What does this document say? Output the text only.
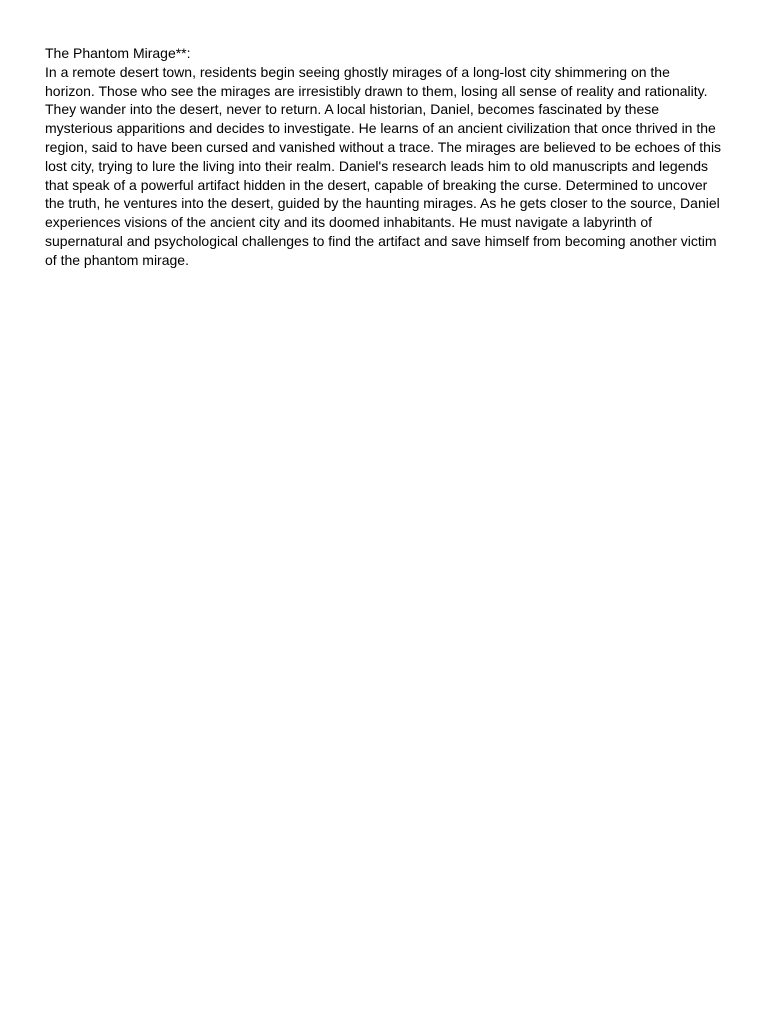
The Phantom Mirage**:

In a remote desert town, residents begin seeing ghostly mirages of a long-lost city shimmering on the horizon. Those who see the mirages are irresistibly drawn to them, losing all sense of reality and rationality. They wander into the desert, never to return. A local historian, Daniel, becomes fascinated by these mysterious apparitions and decides to investigate. He learns of an ancient civilization that once thrived in the region, said to have been cursed and vanished without a trace. The mirages are believed to be echoes of this lost city, trying to lure the living into their realm. Daniel's research leads him to old manuscripts and legends that speak of a powerful artifact hidden in the desert, capable of breaking the curse. Determined to uncover the truth, he ventures into the desert, guided by the haunting mirages. As he gets closer to the source, Daniel experiences visions of the ancient city and its doomed inhabitants. He must navigate a labyrinth of supernatural and psychological challenges to find the artifact and save himself from becoming another victim of the phantom mirage.
